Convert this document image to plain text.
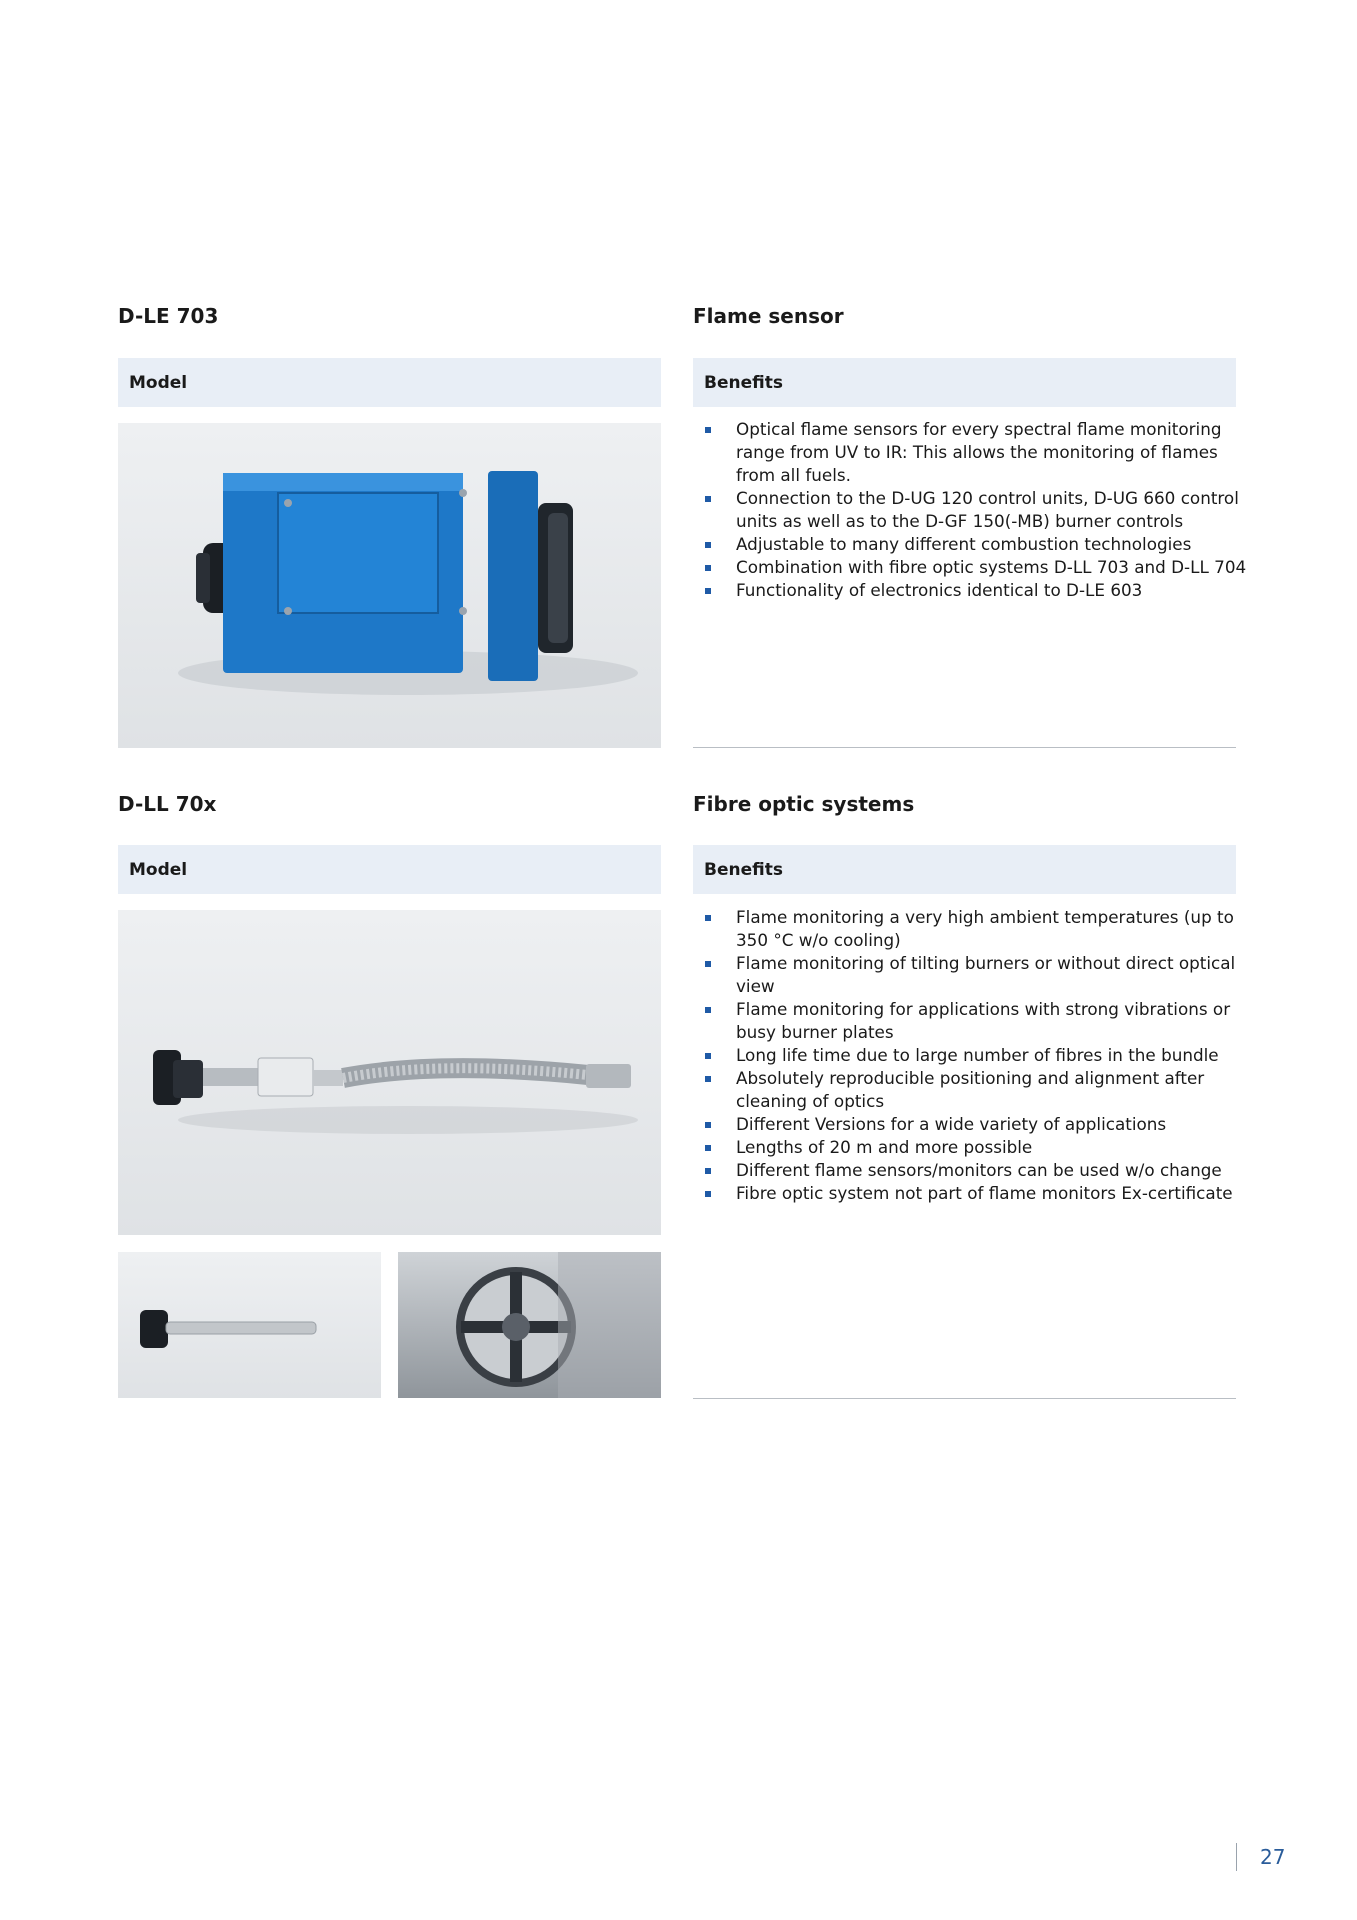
D-LE 703	Flame sensor
Model	Benefits
Optical flame sensors for every spectral flame monitoring range from UV to IR: This allows the monitoring of flames from all fuels.
Connection to the D-UG 120 control units, D-UG 660 control units as well as to the D-GF 150(-MB) burner controls
Adjustable to many different combustion technologies
Combination with fibre optic systems D-LL 703 and D-LL 704
Functionality of electronics identical to D-LE 603
D-LL 70x	Fibre optic systems
Model	Benefits
Flame monitoring a very high ambient temperatures (up to 350 °C w/o cooling)
Flame monitoring of tilting burners or without direct optical view
Flame monitoring for applications with strong vibrations or busy burner plates
Long life time due to large number of fibres in the bundle
Absolutely reproducible positioning and alignment after cleaning of optics
Different Versions for a wide variety of applications
Lengths of 20 m and more possible
Different flame sensors/monitors can be used w/o change
Fibre optic system not part of flame monitors Ex-certificate
27
